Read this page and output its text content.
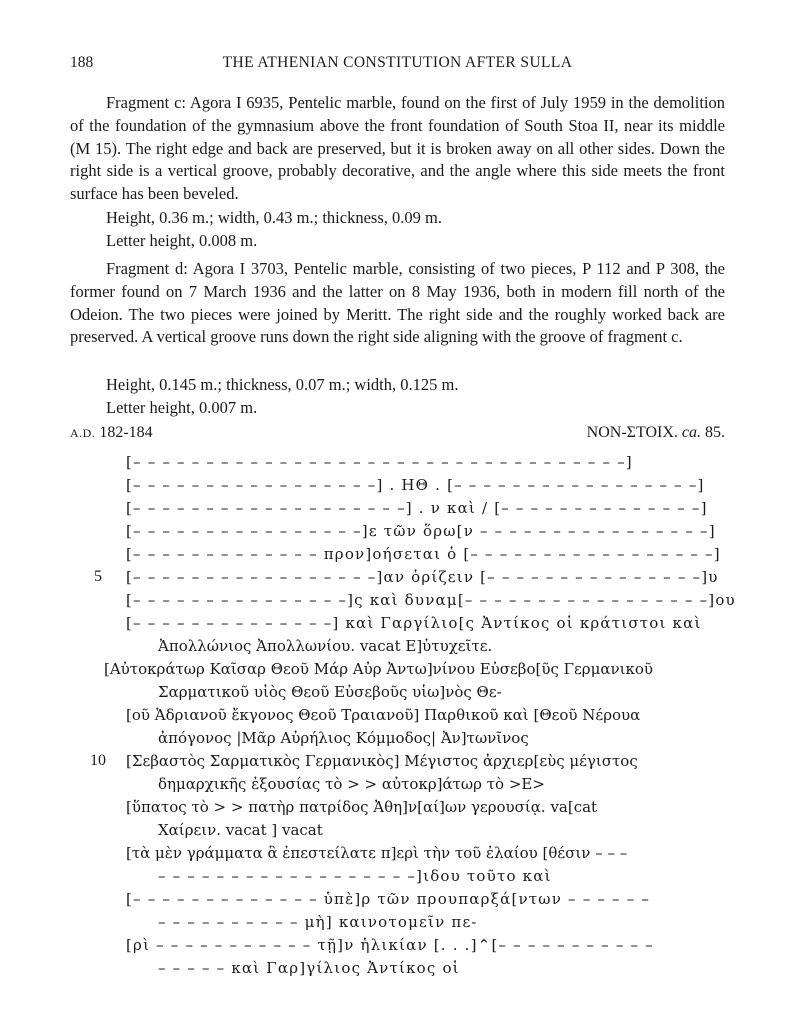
188	THE ATHENIAN CONSTITUTION AFTER SULLA

Fragment c: Agora I 6935, Pentelic marble, found on the first of July 1959 in the demolition of the foundation of the gymnasium above the front foundation of South Stoa II, near its middle (M 15). The right edge and back are preserved, but it is broken away on all other sides. Down the right side is a vertical groove, probably decorative, and the angle where this side meets the front surface has been beveled.

Height, 0.36 m.; width, 0.43 m.; thickness, 0.09 m.
Letter height, 0.008 m.

Fragment d: Agora I 3703, Pentelic marble, consisting of two pieces, P 112 and P 308, the former found on 7 March 1936 and the latter on 8 May 1936, both in modern fill north of the Odeion. The two pieces were joined by Meritt. The right side and the roughly worked back are preserved. A vertical groove runs down the right side aligning with the groove of fragment c.

Height, 0.145 m.; thickness, 0.07 m.; width, 0.125 m.
Letter height, 0.007 m.
A.D. 182-184	NON-ΣΤΟΙΧ. ca. 85.
[– – – – – – – – – – – – – – – – – – – – – – – – – – – – – – – – – –]
[– – – – – – – – – – – – – – – – –] . ΗΘ . [– – – – – – – – – – – – – – – – –]
[– – – – – – – – – – – – – – – – – – –] . ν καὶ / [– – – – – – – – – – – – – –]
[– – – – – – – – – – – – – – – –]ε τῶν ὅρω[ν – – – – – – – – – – – – – – – –]
[– – – – – – – – – – – – – προν]οήσεται ὁ [– – – – – – – – – – – – – – – – –]
5 [– – – – – – – – – – – – – – – – –]αν ὁρίζειν [– – – – – – – – – – – – – – –]υ
[– – – – – – – – – – – – – – –]ς καὶ δυναμ[– – – – – – – – – – – – – – – – –]ου
[– – – – – – – – – – – – – –] καὶ Γαργίλιο[ς Ἀντίκος οἱ κράτιστοι καὶ
Ἀπολλώνιος Ἀπολλωνίου. vacat E]ὐτυχεῖτε.
[Αὐτοκράτωρ Καῖσαρ Θεοῦ Μάρ Αὐρ Ἀντω]νίνου Εὐσεβο[ῦς Γερμανικοῦ
Σαρματικοῦ υἱὸς Θεοῦ Εὐσεβοῦς υἱω]νὸς Θε-
[οῦ Ἁδριανοῦ ἔκγονος Θεοῦ Τραιανοῦ] Παρθικοῦ καὶ [Θεοῦ Νέρουα
ἀπόγονος |Μᾶρ Αὐρήλιος Κόμμοδος| Ἀν]τωνῖνος
10 [Σεβαστὸς Σαρματικὸς Γερμανικὸς] Μέγιστος ἀρχιερ[εὺς μέγιστος
δημαρχικῆς ἐξουσίας τὸ > > αὐτοκρ]άτωρ τὸ >E>
[ὕπατος τὸ > > πατὴρ πατρίδος Ἀθη]ν[αί]ων γερουσίᾳ. va[cat
Χαίρειν. vacat ] vacat
[τὰ μὲν γράμματα ἃ ἐπεστείλατε π]ερὶ τὴν τοῦ ἐλαίου [θέσιν – – –
– – – – – – – – – – – – – – – – – –]ιδου τοῦτο καὶ
[– – – – – – – – – – – – – ὑπὲ]ρ τῶν προυπαρξά[ντων – – – – – –
– – – – – – – – – – μὴ] καινοτομεῖν πε-
[ρὶ – – – – – – – – – – – τῇ]ν ἡλικίαν [. . .]⌃[– – – – – – – – – – –
– – – – – καὶ Γαρ]γίλιος Ἀντίκος οἱ
